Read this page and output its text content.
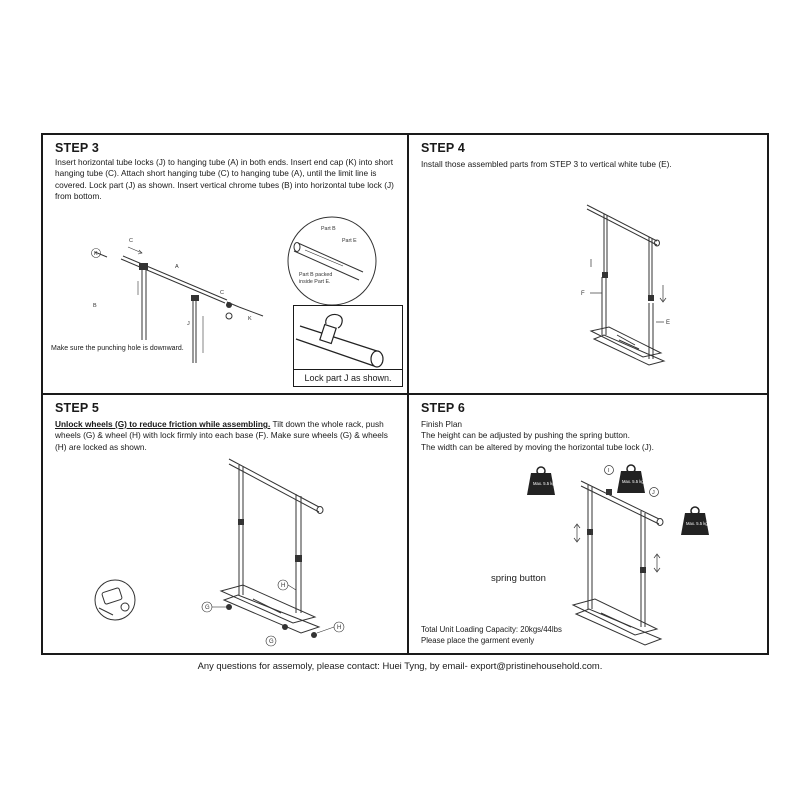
K
C
A
B
C
J
K
Part B
Part E
Part B packed
inside Part E.
STEP 3
Insert horizontal tube locks (J) to hanging tube (A) in both ends. Insert end cap (K) into short hanging tube (C). Attach short hanging tube (C) to hanging tube (A), until the limit line is covered. Lock part (J) as shown. Insert vertical chrome tubes (B) into horizontal tube lock (J) from bottom.
Make sure the punching hole is downward.
Lock part J as shown.
F
E
STEP 4
Install those assembled parts from STEP 3 to vertical white tube (E).
G
G
H
H
STEP 5
Unlock wheels (G) to reduce friction while assembling. Tilt down the whole rack, push wheels (G) & wheel (H) with lock firmly into each base (F). Make sure wheels (G) & wheels (H) are locked as shown.
I
J
Max. 5.5 kg	Max. 5.5 kg
Max. 5.5 kg
STEP 6
Finish Plan
The height can be adjusted by pushing the spring button.
The width can be altered by moving the horizontal tube lock (J).
spring button
Total Unit Loading Capacity: 20kgs/44lbs
Please place the garment evenly
Any questions for assemoly, please contact: Huei Tyng, by email- export@pristinehousehold.com.
